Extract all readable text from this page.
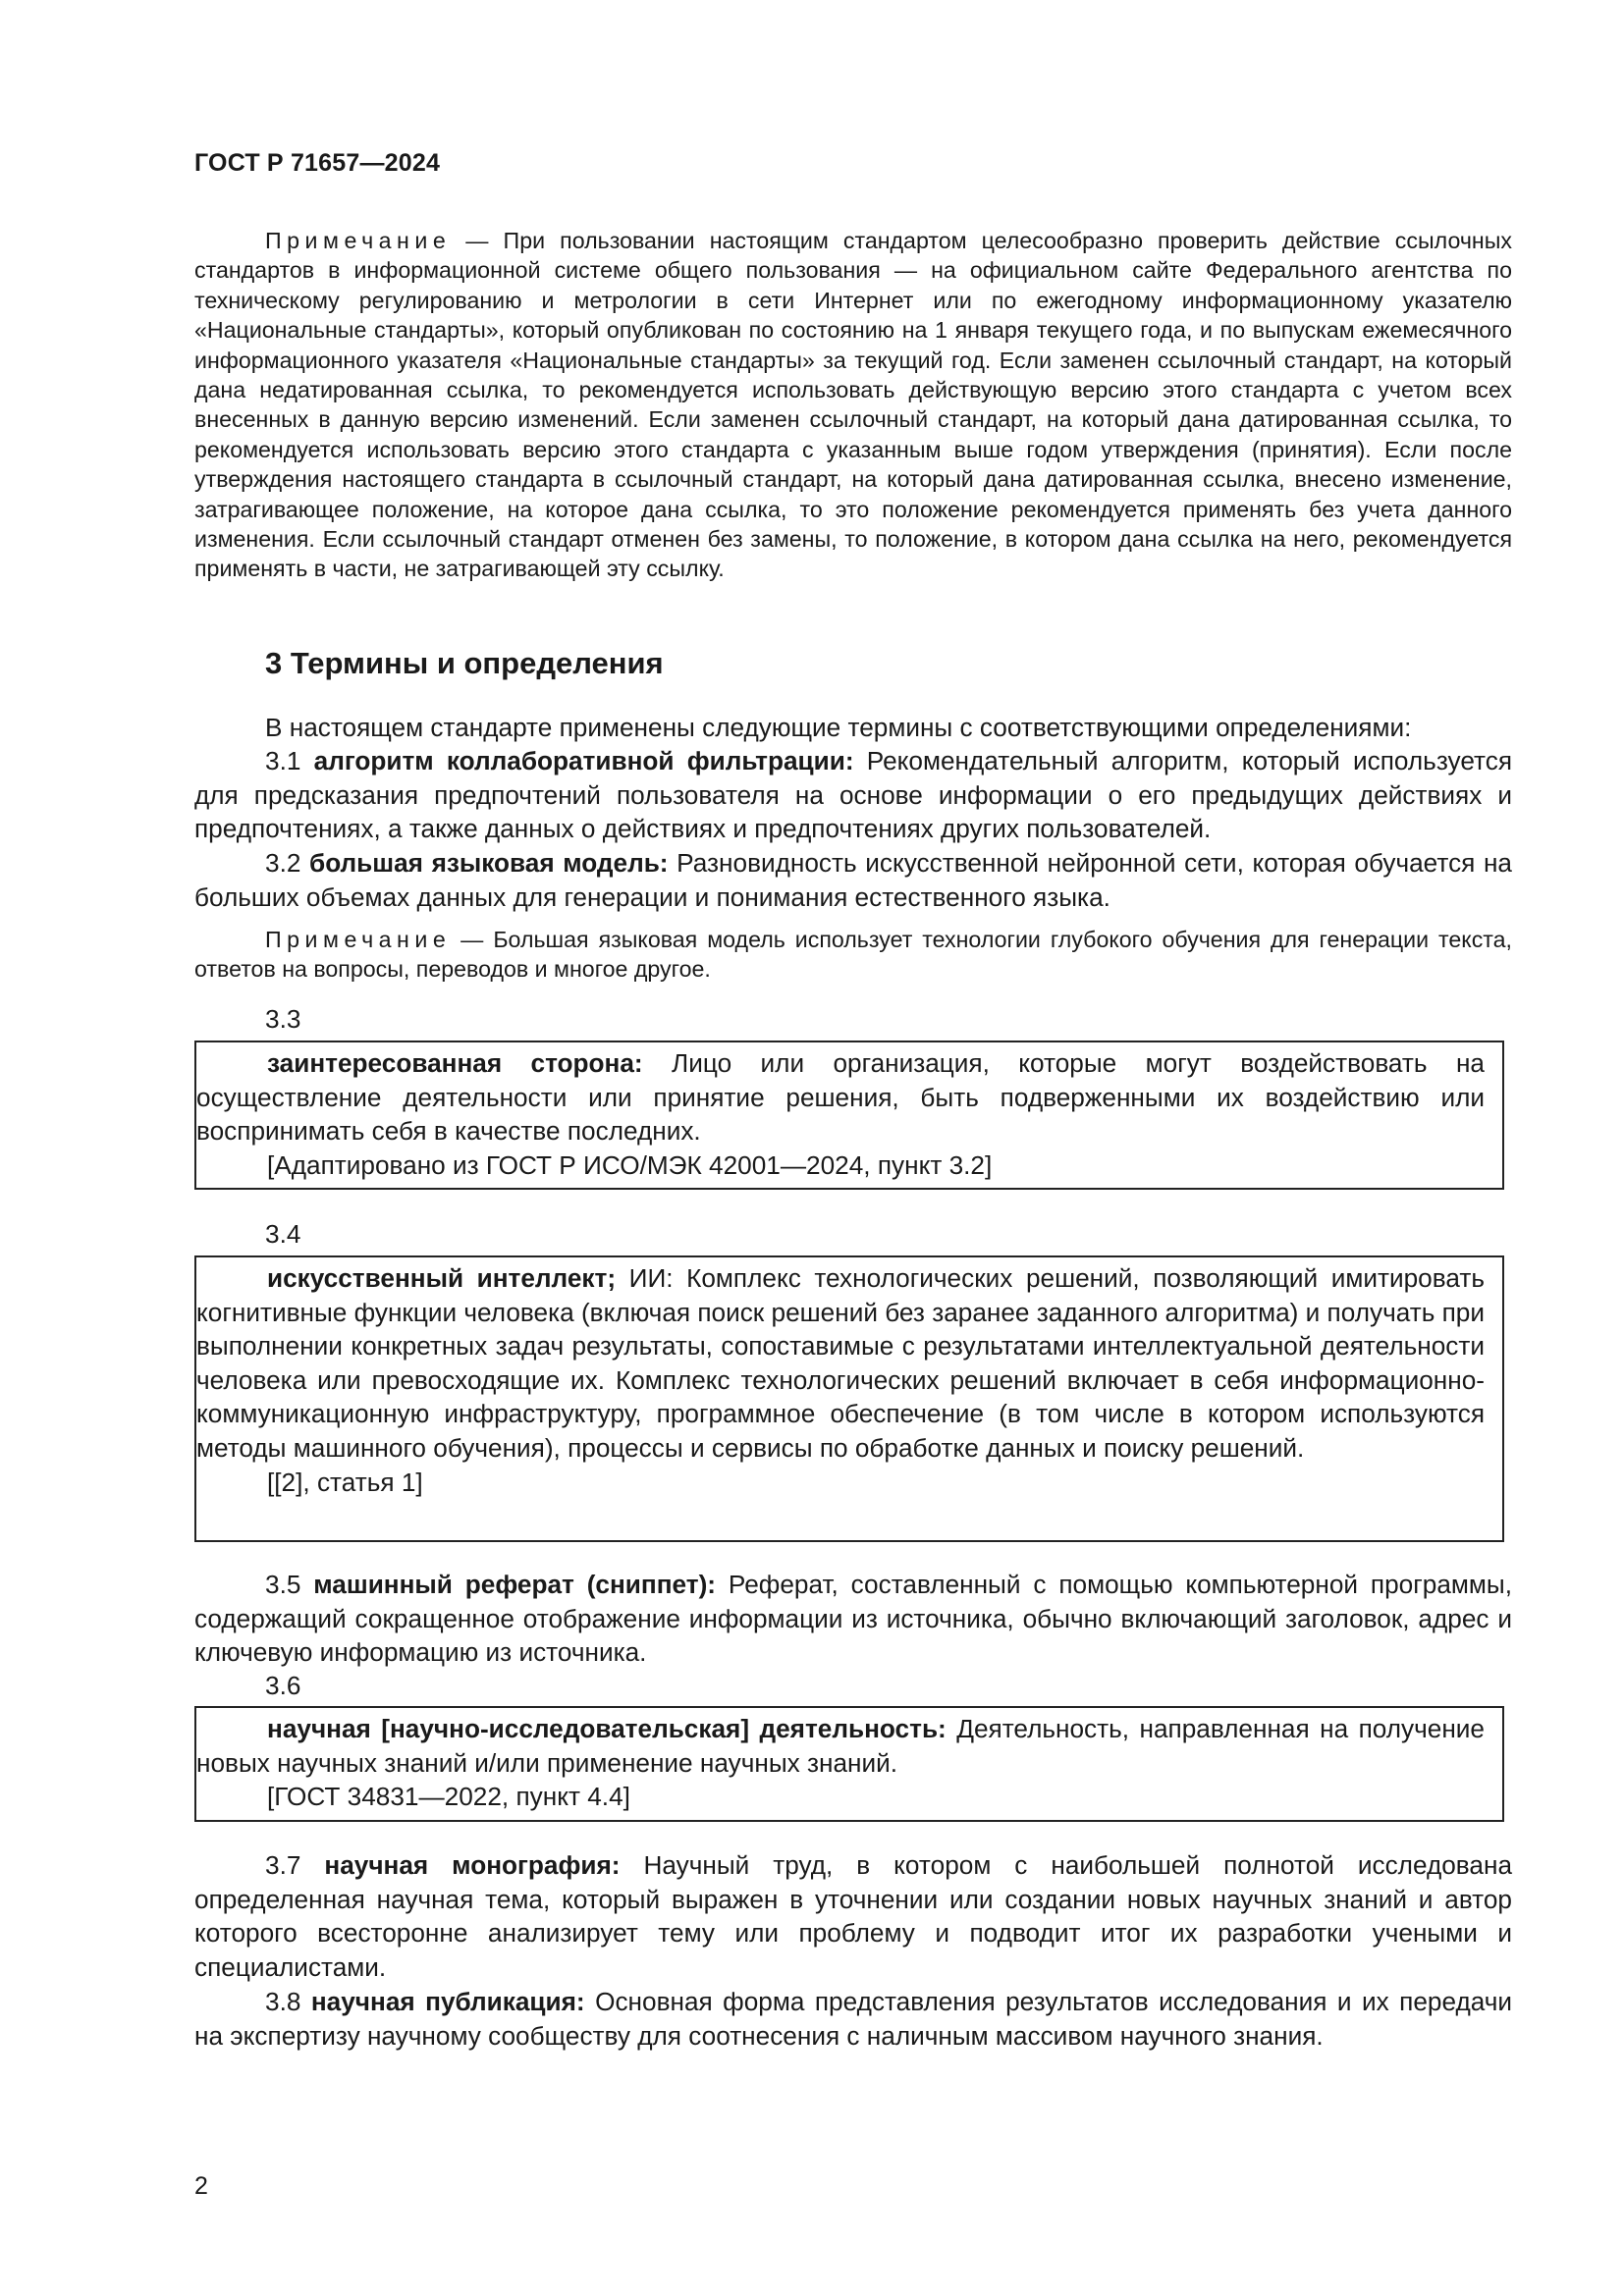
ГОСТ Р 71657—2024

Примечание — При пользовании настоящим стандартом целесообразно проверить действие ссылочных стандартов в информационной системе общего пользования — на официальном сайте Федерального агентства по техническому регулированию и метрологии в сети Интернет или по ежегодному информационному указателю «Национальные стандарты», который опубликован по состоянию на 1 января текущего года, и по выпускам ежемесячного информационного указателя «Национальные стандарты» за текущий год. Если заменен ссылочный стандарт, на который дана недатированная ссылка, то рекомендуется использовать действующую версию этого стандарта с учетом всех внесенных в данную версию изменений. Если заменен ссылочный стандарт, на который дана датированная ссылка, то рекомендуется использовать версию этого стандарта с указанным выше годом утверждения (принятия). Если после утверждения настоящего стандарта в ссылочный стандарт, на который дана датированная ссылка, внесено изменение, затрагивающее положение, на которое дана ссылка, то это положение рекомендуется применять без учета данного изменения. Если ссылочный стандарт отменен без замены, то положение, в котором дана ссылка на него, рекомендуется применять в части, не затрагивающей эту ссылку.

3 Термины и определения

В настоящем стандарте применены следующие термины с соответствующими определениями:

3.1 алгоритм коллаборативной фильтрации: Рекомендательный алгоритм, который используется для предсказания предпочтений пользователя на основе информации о его предыдущих действиях и предпочтениях, а также данных о действиях и предпочтениях других пользователей.

3.2 большая языковая модель: Разновидность искусственной нейронной сети, которая обучается на больших объемах данных для генерации и понимания естественного языка.

Примечание — Большая языковая модель использует технологии глубокого обучения для генерации текста, ответов на вопросы, переводов и многое другое.

3.3

заинтересованная сторона: Лицо или организация, которые могут воздействовать на осуществление деятельности или принятие решения, быть подверженными их воздействию или воспринимать себя в качестве последних.

[Адаптировано из ГОСТ Р ИСО/МЭК 42001—2024, пункт 3.2]

3.4

искусственный интеллект; ИИ: Комплекс технологических решений, позволяющий имитировать когнитивные функции человека (включая поиск решений без заранее заданного алгоритма) и получать при выполнении конкретных задач результаты, сопоставимые с результатами интеллектуальной деятельности человека или превосходящие их. Комплекс технологических решений включает в себя информационно-коммуникационную инфраструктуру, программное обеспечение (в том числе в котором используются методы машинного обучения), процессы и сервисы по обработке данных и поиску решений.

[[2], статья 1]

3.5 машинный реферат (сниппет): Реферат, составленный с помощью компьютерной программы, содержащий сокращенное отображение информации из источника, обычно включающий заголовок, адрес и ключевую информацию из источника.

3.6

научная [научно-исследовательская] деятельность: Деятельность, направленная на получение новых научных знаний и/или применение научных знаний.

[ГОСТ 34831—2022, пункт 4.4]

3.7 научная монография: Научный труд, в котором с наибольшей полнотой исследована определенная научная тема, который выражен в уточнении или создании новых научных знаний и автор которого всесторонне анализирует тему или проблему и подводит итог их разработки учеными и специалистами.

3.8 научная публикация: Основная форма представления результатов исследования и их передачи на экспертизу научному сообществу для соотнесения с наличным массивом научного знания.

2
